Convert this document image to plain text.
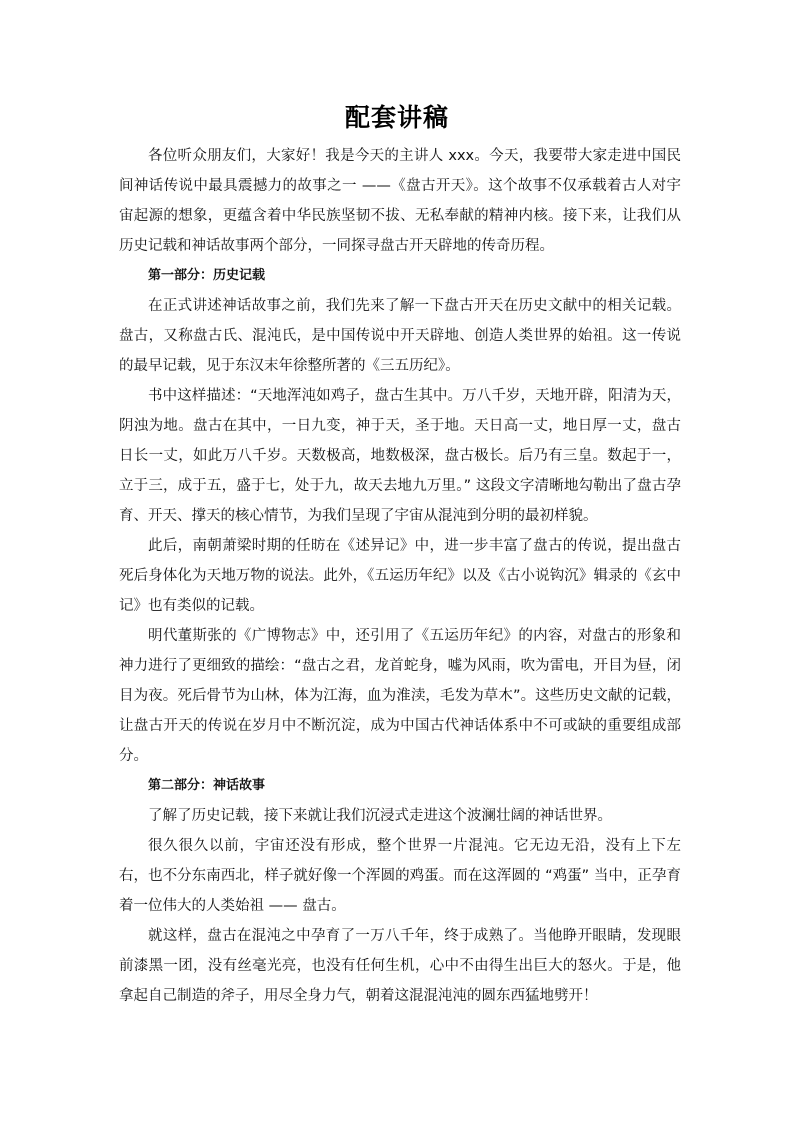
配套讲稿

各位听众朋友们，大家好！我是今天的主讲人 xxx。今天，我要带大家走进中国民间神话传说中最具震撼力的故事之一 ——《盘古开天》。这个故事不仅承载着古人对宇宙起源的想象，更蕴含着中华民族坚韧不拔、无私奉献的精神内核。接下来，让我们从历史记载和神话故事两个部分，一同探寻盘古开天辟地的传奇历程。

第一部分：历史记载

在正式讲述神话故事之前，我们先来了解一下盘古开天在历史文献中的相关记载。盘古，又称盘古氏、混沌氏，是中国传说中开天辟地、创造人类世界的始祖。这一传说的最早记载，见于东汉末年徐整所著的《三五历纪》。

书中这样描述：“天地浑沌如鸡子，盘古生其中。万八千岁，天地开辟，阳清为天，阴浊为地。盘古在其中，一日九变，神于天，圣于地。天日高一丈，地日厚一丈，盘古日长一丈，如此万八千岁。天数极高，地数极深，盘古极长。后乃有三皇。数起于一，立于三，成于五，盛于七，处于九，故天去地九万里。” 这段文字清晰地勾勒出了盘古孕育、开天、撑天的核心情节，为我们呈现了宇宙从混沌到分明的最初样貌。

此后，南朝萧梁时期的任昉在《述异记》中，进一步丰富了盘古的传说，提出盘古死后身体化为天地万物的说法。此外，《五运历年纪》以及《古小说钩沉》辑录的《玄中记》也有类似的记载。

明代董斯张的《广博物志》中，还引用了《五运历年纪》的内容，对盘古的形象和神力进行了更细致的描绘：“盘古之君，龙首蛇身，嘘为风雨，吹为雷电，开目为昼，闭目为夜。死后骨节为山林，体为江海，血为淮渎，毛发为草木”。这些历史文献的记载，让盘古开天的传说在岁月中不断沉淀，成为中国古代神话体系中不可或缺的重要组成部分。

第二部分：神话故事

了解了历史记载，接下来就让我们沉浸式走进这个波澜壮阔的神话世界。

很久很久以前，宇宙还没有形成，整个世界一片混沌。它无边无沿，没有上下左右，也不分东南西北，样子就好像一个浑圆的鸡蛋。而在这浑圆的 “鸡蛋” 当中，正孕育着一位伟大的人类始祖 —— 盘古。

就这样，盘古在混沌之中孕育了一万八千年，终于成熟了。当他睁开眼睛，发现眼前漆黑一团，没有丝毫光亮，也没有任何生机，心中不由得生出巨大的怒火。于是，他拿起自己制造的斧子，用尽全身力气，朝着这混混沌沌的圆东西猛地劈开！
